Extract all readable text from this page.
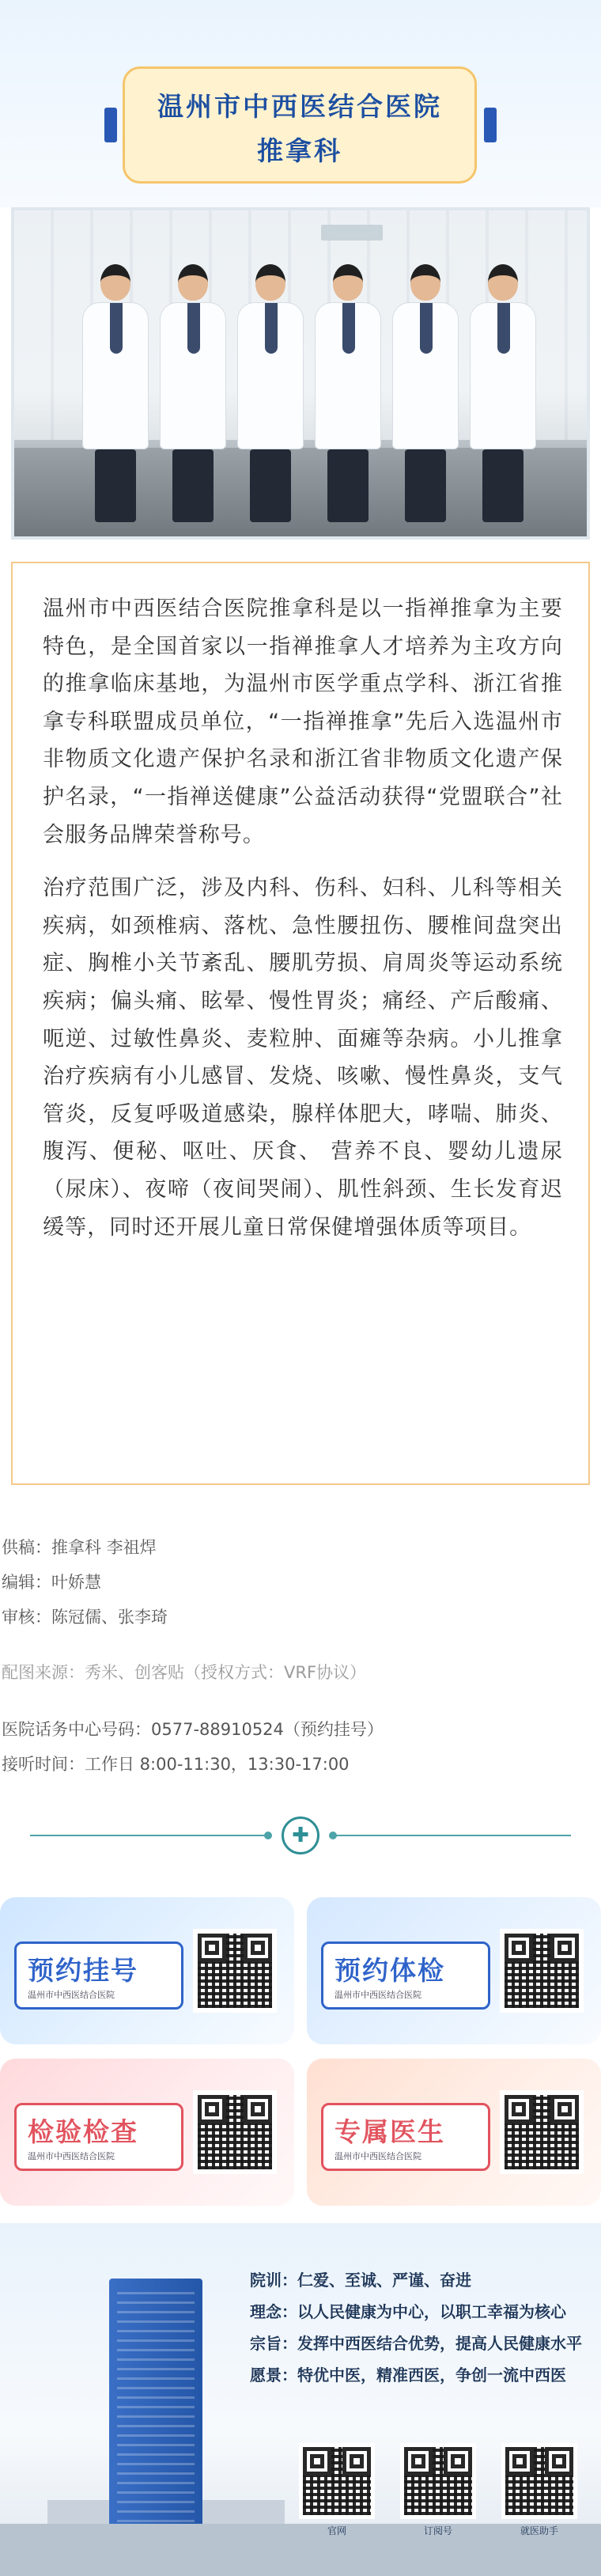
温州市中西医结合医院
推拿科

温州市中西医结合医院推拿科是以一指禅推拿为主要特色，是全国首家以一指禅推拿人才培养为主攻方向的推拿临床基地，为温州市医学重点学科、浙江省推拿专科联盟成员单位，“一指禅推拿”先后入选温州市非物质文化遗产保护名录和浙江省非物质文化遗产保护名录，“一指禅送健康”公益活动获得“党盟联合”社会服务品牌荣誉称号。

治疗范围广泛，涉及内科、伤科、妇科、儿科等相关疾病，如颈椎病、落枕、急性腰扭伤、腰椎间盘突出症、胸椎小关节紊乱、腰肌劳损、肩周炎等运动系统疾病；偏头痛、眩晕、慢性胃炎；痛经、产后酸痛、呃逆、过敏性鼻炎、麦粒肿、面瘫等杂病。小儿推拿治疗疾病有小儿感冒、发烧、咳嗽、慢性鼻炎，支气管炎，反复呼吸道感染，腺样体肥大，哮喘、肺炎、腹泻、便秘、呕吐、厌食、 营养不良、婴幼儿遗尿（尿床）、夜啼（夜间哭闹）、肌性斜颈、生长发育迟缓等，同时还开展儿童日常保健增强体质等项目。

供稿：推拿科 李祖焊
编辑：叶娇慧
审核：陈冠儒、张李琦
配图来源：秀米、创客贴（授权方式：VRF协议）
医院话务中心号码：0577-88910524（预约挂号）
接听时间：工作日 8:00-11:30，13:30-17:00
✚
预约挂号
温州市中西医结合医院
预约体检
温州市中西医结合医院
检验检查
温州市中西医结合医院
专属医生
温州市中西医结合医院
院训：仁爱、至诚、严谨、奋进
理念：以人民健康为中心，以职工幸福为核心
宗旨：发挥中西医结合优势，提高人民健康水平
愿景：特优中医，精准西医，争创一流中西医
官网	订阅号	就医助手
